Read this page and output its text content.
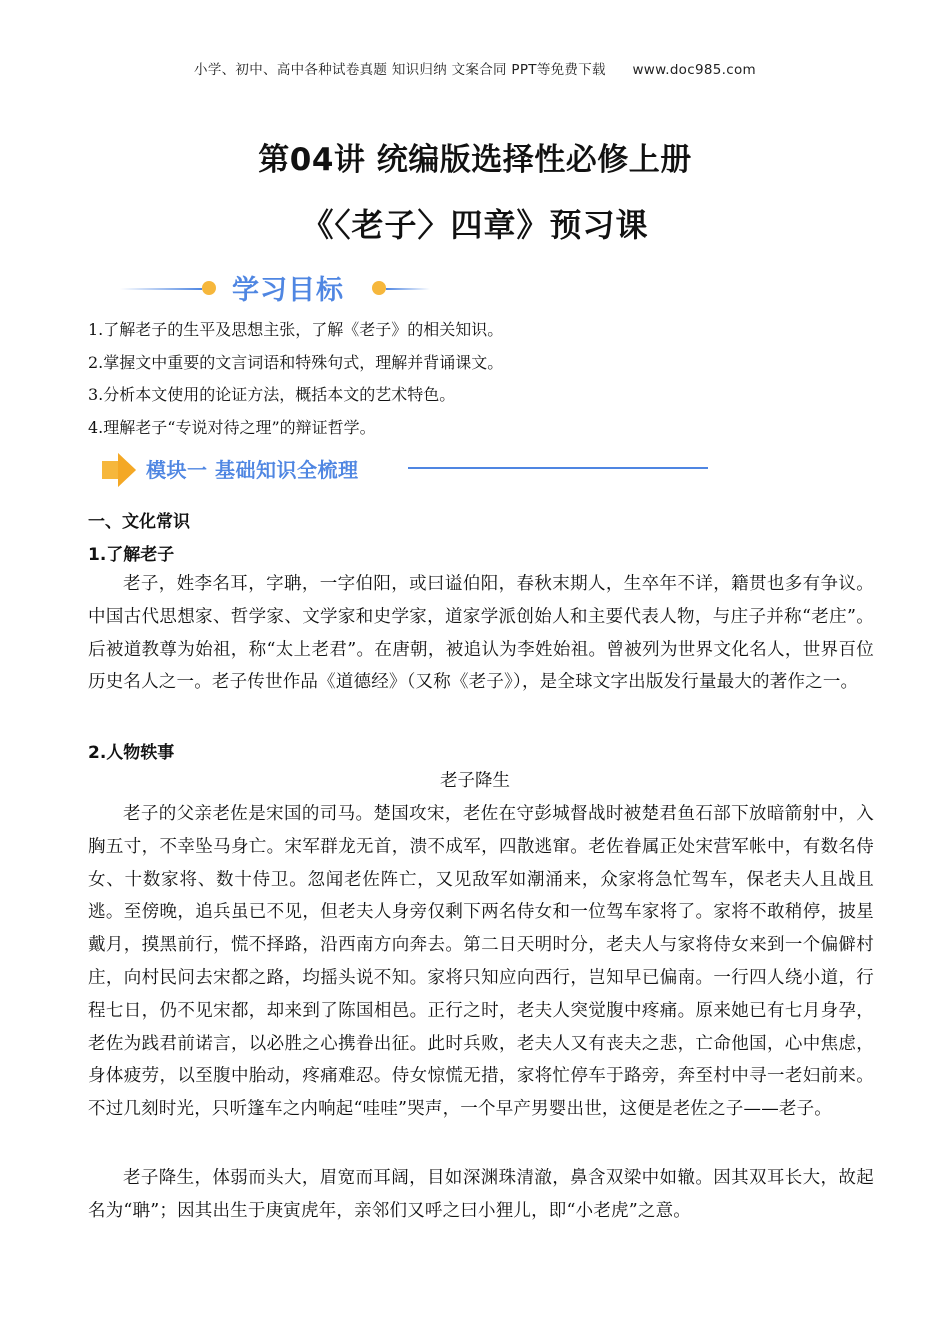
小学、初中、高中各种试卷真题 知识归纳 文案合同 PPT等免费下载 www.doc985.com
第04讲 统编版选择性必修上册
《〈老子〉四章》预习课
学习目标
1.了解老子的生平及思想主张，了解《老子》的相关知识。
2.掌握文中重要的文言词语和特殊句式，理解并背诵课文。
3.分析本文使用的论证方法，概括本文的艺术特色。
4.理解老子“专说对待之理”的辩证哲学。
模块一 基础知识全梳理
一、文化常识
1.了解老子
老子，姓李名耳，字聃，一字伯阳，或曰谥伯阳，春秋末期人，生卒年不详，籍贯也多有争议。中国古代思想家、哲学家、文学家和史学家，道家学派创始人和主要代表人物，与庄子并称“老庄”。后被道教尊为始祖，称“太上老君”。在唐朝，被追认为李姓始祖。曾被列为世界文化名人，世界百位历史名人之一。老子传世作品《道德经》（又称《老子》），是全球文字出版发行量最大的著作之一。
2.人物轶事
老子降生
老子的父亲老佐是宋国的司马。楚国攻宋，老佐在守彭城督战时被楚君鱼石部下放暗箭射中，入胸五寸，不幸坠马身亡。宋军群龙无首，溃不成军，四散逃窜。老佐眷属正处宋营军帐中，有数名侍女、十数家将、数十侍卫。忽闻老佐阵亡，又见敌军如潮涌来，众家将急忙驾车，保老夫人且战且逃。至傍晚，追兵虽已不见，但老夫人身旁仅剩下两名侍女和一位驾车家将了。家将不敢稍停，披星戴月，摸黑前行，慌不择路，沿西南方向奔去。第二日天明时分，老夫人与家将侍女来到一个偏僻村庄，向村民问去宋都之路，均摇头说不知。家将只知应向西行，岂知早已偏南。一行四人绕小道，行程七日，仍不见宋都，却来到了陈国相邑。正行之时，老夫人突觉腹中疼痛。原来她已有七月身孕，老佐为践君前诺言，以必胜之心携眷出征。此时兵败，老夫人又有丧夫之悲，亡命他国，心中焦虑，身体疲劳，以至腹中胎动，疼痛难忍。侍女惊慌无措，家将忙停车于路旁，奔至村中寻一老妇前来。不过几刻时光，只听篷车之内响起“哇哇”哭声，一个早产男婴出世，这便是老佐之子——老子。
老子降生，体弱而头大，眉宽而耳阔，目如深渊珠清澈，鼻含双梁中如辙。因其双耳长大，故起名为“聃”；因其出生于庚寅虎年，亲邻们又呼之曰小狸儿，即“小老虎”之意。
